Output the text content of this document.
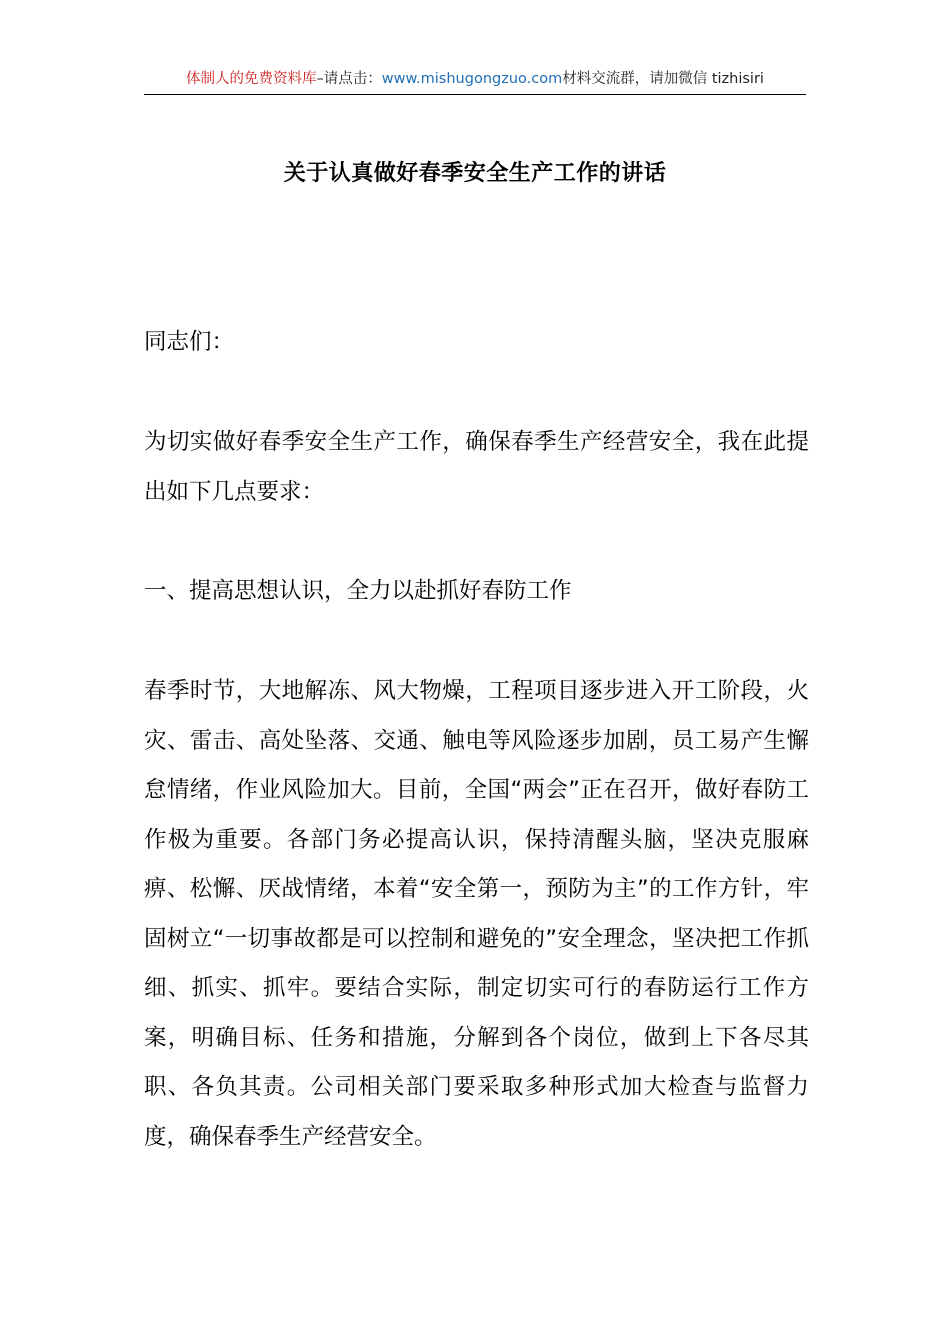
体制人的免费资料库–请点击：www.mishugongzuo.com材料交流群，请加微信 tizhisiri
关于认真做好春季安全生产工作的讲话

同志们：

为切实做好春季安全生产工作，确保春季生产经营安全，我在此提出如下几点要求：

一、提高思想认识，全力以赴抓好春防工作

春季时节，大地解冻、风大物燥，工程项目逐步进入开工阶段，火灾、雷击、高处坠落、交通、触电等风险逐步加剧，员工易产生懈怠情绪，作业风险加大。目前，全国“两会”正在召开，做好春防工作极为重要。各部门务必提高认识，保持清醒头脑，坚决克服麻痹、松懈、厌战情绪，本着“安全第一，预防为主”的工作方针，牢固树立“一切事故都是可以控制和避免的”安全理念，坚决把工作抓细、抓实、抓牢。要结合实际，制定切实可行的春防运行工作方案，明确目标、任务和措施，分解到各个岗位，做到上下各尽其职、各负其责。公司相关部门要采取多种形式加大检查与监督力度，确保春季生产经营安全。
